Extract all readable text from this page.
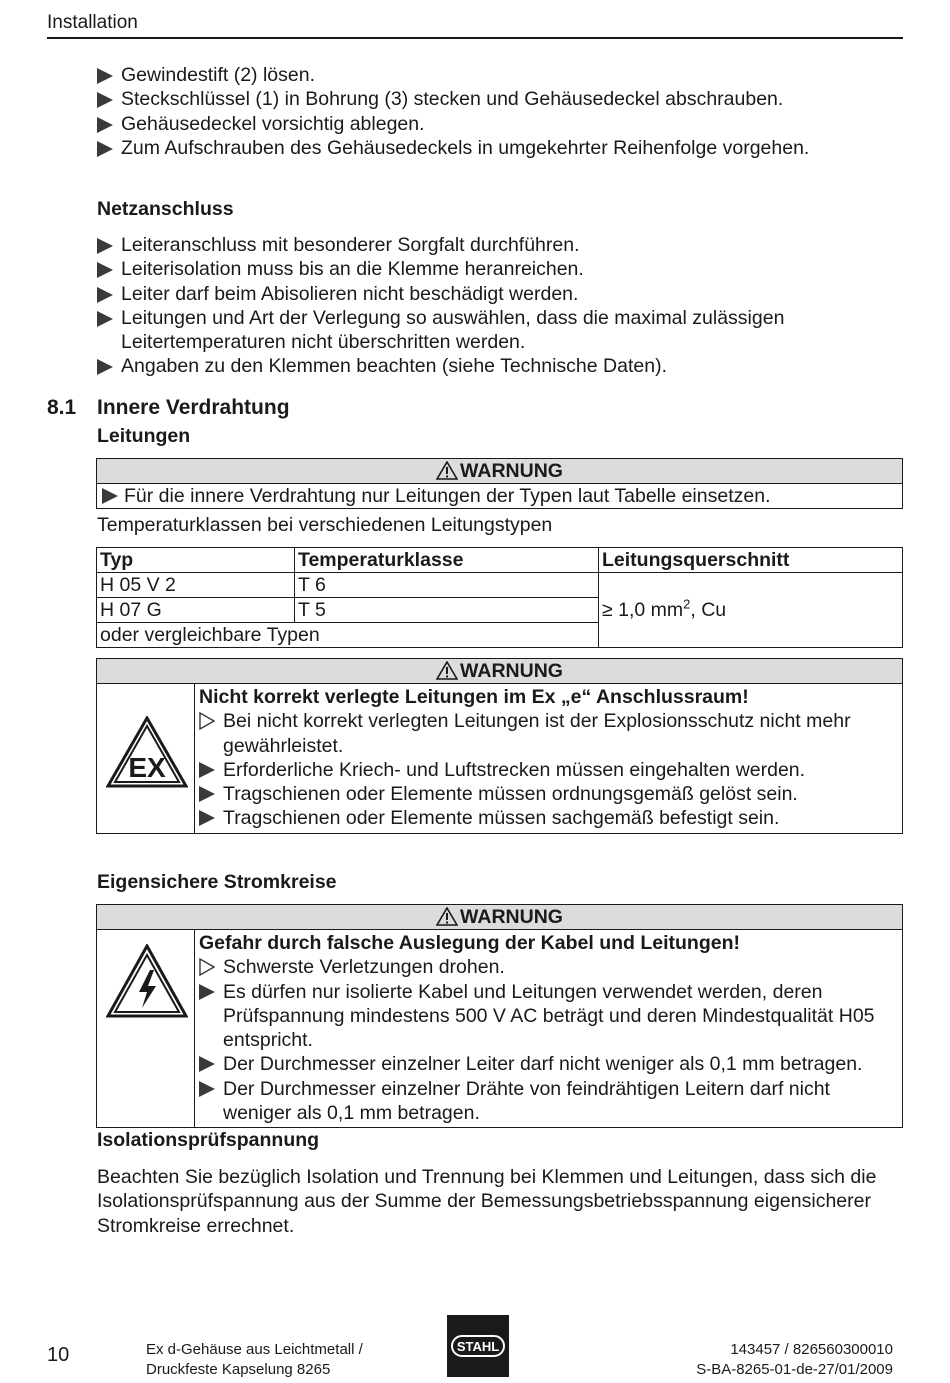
Installation
Gewindestift (2) lösen.
Steckschlüssel (1) in Bohrung (3) stecken und Gehäusedeckel abschrauben.
Gehäusedeckel vorsichtig ablegen.
Zum Aufschrauben des Gehäusedeckels in umgekehrter Reihenfolge vorgehen.
Netzanschluss
Leiteranschluss mit besonderer Sorgfalt durchführen.
Leiterisolation muss bis an die Klemme heranreichen.
Leiter darf beim Abisolieren nicht beschädigt werden.
Leitungen und Art der Verlegung so auswählen, dass die maximal zulässigen Leitertemperaturen nicht überschritten werden.
Angaben zu den Klemmen beachten (siehe Technische Daten).
8.1 Innere Verdrahtung
Leitungen
WARNUNG
Für die innere Verdrahtung nur Leitungen der Typen laut Tabelle einsetzen.
Temperaturklassen bei verschiedenen Leitungstypen
Typ	Temperaturklasse	Leitungsquerschnitt
H 05 V 2	T 6	≥ 1,0 $mm^2$, Cu
H 07 G	T 5	
oder vergleichbare Typen		
WARNUNG
EX
Nicht korrekt verlegte Leitungen im Ex „e“ Anschlussraum!
Bei nicht korrekt verlegten Leitungen ist der Explosionsschutz nicht mehr gewährleistet.
Erforderliche Kriech- und Luftstrecken müssen eingehalten werden.
Tragschienen oder Elemente müssen ordnungsgemäß gelöst sein.
Tragschienen oder Elemente müssen sachgemäß befestigt sein.
Eigensichere Stromkreise
WARNUNG
Gefahr durch falsche Auslegung der Kabel und Leitungen!
Schwerste Verletzungen drohen.
Es dürfen nur isolierte Kabel und Leitungen verwendet werden, deren Prüfspannung mindestens 500 V AC beträgt und deren Mindestqualität H05 entspricht.
Der Durchmesser einzelner Leiter darf nicht weniger als 0,1 mm betragen.
Der Durchmesser einzelner Drähte von feindrähtigen Leitern darf nicht weniger als 0,1 mm betragen.
Isolationsprüfspannung
Beachten Sie bezüglich Isolation und Trennung bei Klemmen und Leitungen, dass sich die Isolationsprüfspannung aus der Summe der Bemessungsbetriebsspannung eigensicherer Stromkreise errechnet.
10	Ex d-Gehäuse aus Leichtmetall /
Druckfeste Kapselung 8265
STAHL	143457 / 826560300010
S-BA-8265-01-de-27/01/2009
